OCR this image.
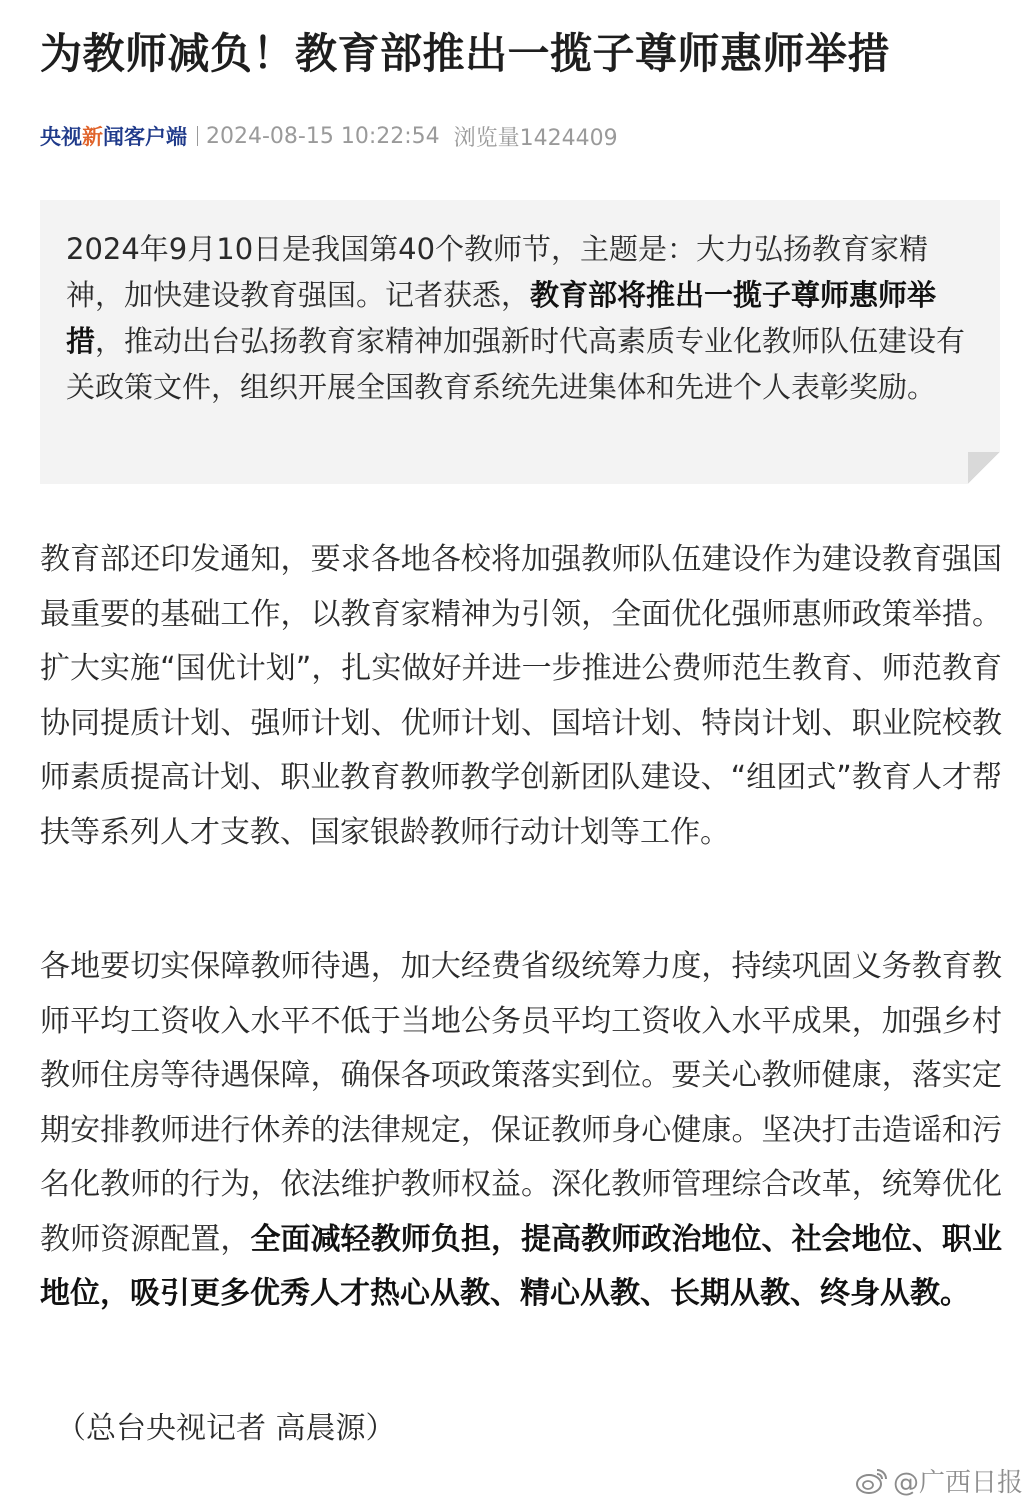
为教师减负！教育部推出一揽子尊师惠师举措
央视新闻客户端 2024-08-15 10:22:54 浏览量1424409
2024年9月10日是我国第40个教师节，主题是：大力弘扬教育家精神，加快建设教育强国。记者获悉，教育部将推出一揽子尊师惠师举措，推动出台弘扬教育家精神加强新时代高素质专业化教师队伍建设有关政策文件，组织开展全国教育系统先进集体和先进个人表彰奖励。
教育部还印发通知，要求各地各校将加强教师队伍建设作为建设教育强国最重要的基础工作，以教育家精神为引领，全面优化强师惠师政策举措。扩大实施“国优计划”，扎实做好并进一步推进公费师范生教育、师范教育协同提质计划、强师计划、优师计划、国培计划、特岗计划、职业院校教师素质提高计划、职业教育教师教学创新团队建设、“组团式”教育人才帮扶等系列人才支教、国家银龄教师行动计划等工作。
各地要切实保障教师待遇，加大经费省级统筹力度，持续巩固义务教育教师平均工资收入水平不低于当地公务员平均工资收入水平成果，加强乡村教师住房等待遇保障，确保各项政策落实到位。要关心教师健康，落实定期安排教师进行休养的法律规定，保证教师身心健康。坚决打击造谣和污名化教师的行为，依法维护教师权益。深化教师管理综合改革，统筹优化教师资源配置，全面减轻教师负担，提高教师政治地位、社会地位、职业地位，吸引更多优秀人才热心从教、精心从教、长期从教、终身从教。
（总台央视记者 高晨源）
@广西日报
